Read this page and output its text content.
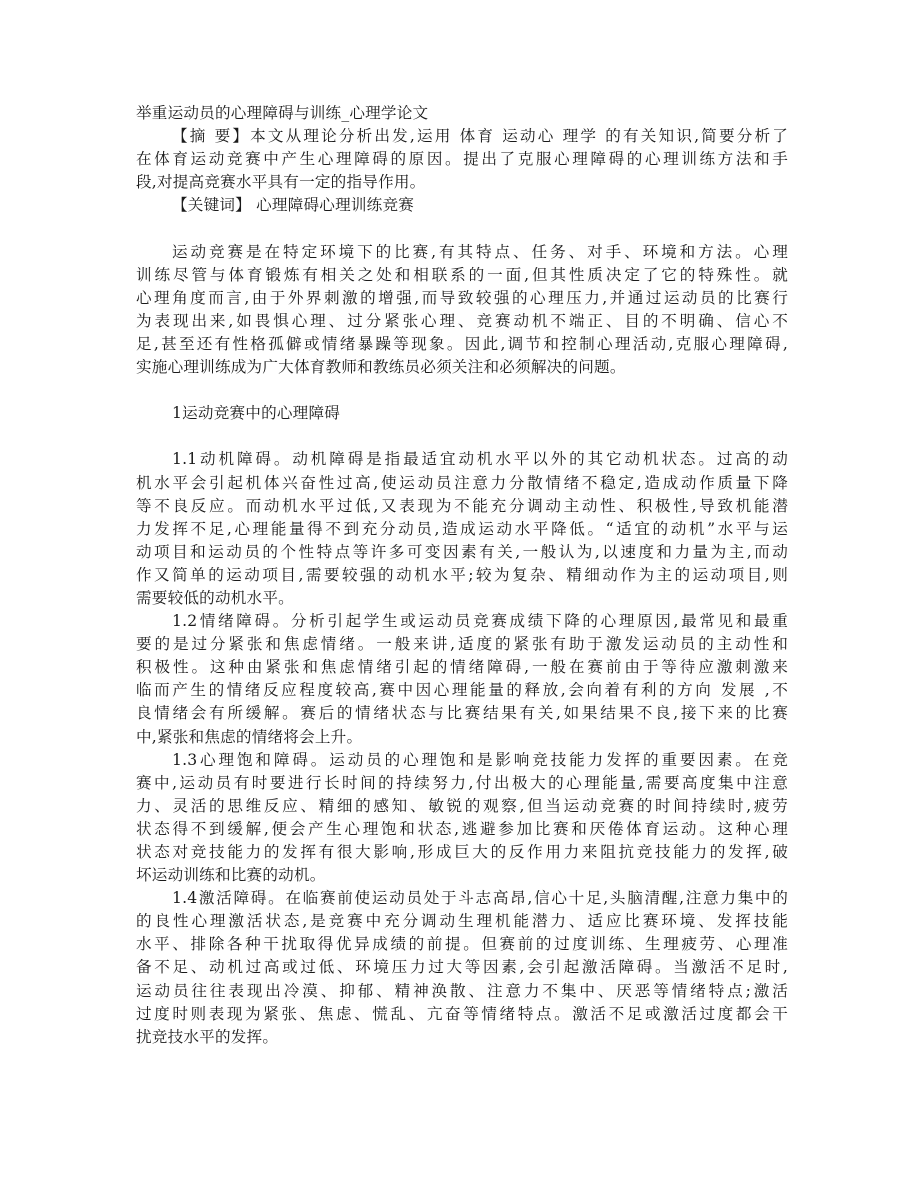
举重运动员的心理障碍与训练_心理学论文
【摘 要】本文从理论分析出发,运用 体育 运动心 理学 的有关知识,简要分析了
在体育运动竞赛中产生心理障碍的原因。提出了克服心理障碍的心理训练方法和手
段,对提高竞赛水平具有一定的指导作用。
【关键词】 心理障碍心理训练竞赛
运动竞赛是在特定环境下的比赛,有其特点、任务、对手、环境和方法。心理
训练尽管与体育锻炼有相关之处和相联系的一面,但其性质决定了它的特殊性。就
心理角度而言,由于外界刺激的增强,而导致较强的心理压力,并通过运动员的比赛行
为表现出来,如畏惧心理、过分紧张心理、竞赛动机不端正、目的不明确、信心不
足,甚至还有性格孤僻或情绪暴躁等现象。因此,调节和控制心理活动,克服心理障碍,
实施心理训练成为广大体育教师和教练员必须关注和必须解决的问题。
1运动竞赛中的心理障碍
1.1动机障碍。动机障碍是指最适宜动机水平以外的其它动机状态。过高的动
机水平会引起机体兴奋性过高,使运动员注意力分散情绪不稳定,造成动作质量下降
等不良反应。而动机水平过低,又表现为不能充分调动主动性、积极性,导致机能潜
力发挥不足,心理能量得不到充分动员,造成运动水平降低。“适宜的动机”水平与运
动项目和运动员的个性特点等许多可变因素有关,一般认为,以速度和力量为主,而动
作又简单的运动项目,需要较强的动机水平;较为复杂、精细动作为主的运动项目,则
需要较低的动机水平。
1.2情绪障碍。分析引起学生或运动员竞赛成绩下降的心理原因,最常见和最重
要的是过分紧张和焦虑情绪。一般来讲,适度的紧张有助于激发运动员的主动性和
积极性。这种由紧张和焦虑情绪引起的情绪障碍,一般在赛前由于等待应激刺激来
临而产生的情绪反应程度较高,赛中因心理能量的释放,会向着有利的方向 发展 ,不
良情绪会有所缓解。赛后的情绪状态与比赛结果有关,如果结果不良,接下来的比赛
中,紧张和焦虑的情绪将会上升。
1.3心理饱和障碍。运动员的心理饱和是影响竞技能力发挥的重要因素。在竞
赛中,运动员有时要进行长时间的持续努力,付出极大的心理能量,需要高度集中注意
力、灵活的思维反应、精细的感知、敏锐的观察,但当运动竞赛的时间持续时,疲劳
状态得不到缓解,便会产生心理饱和状态,逃避参加比赛和厌倦体育运动。这种心理
状态对竞技能力的发挥有很大影响,形成巨大的反作用力来阻抗竞技能力的发挥,破
坏运动训练和比赛的动机。
1.4激活障碍。在临赛前使运动员处于斗志高昂,信心十足,头脑清醒,注意力集中的
的良性心理激活状态,是竞赛中充分调动生理机能潜力、适应比赛环境、发挥技能
水平、排除各种干扰取得优异成绩的前提。但赛前的过度训练、生理疲劳、心理准
备不足、动机过高或过低、环境压力过大等因素,会引起激活障碍。当激活不足时,
运动员往往表现出冷漠、抑郁、精神涣散、注意力不集中、厌恶等情绪特点;激活
过度时则表现为紧张、焦虑、慌乱、亢奋等情绪特点。激活不足或激活过度都会干
扰竞技水平的发挥。
